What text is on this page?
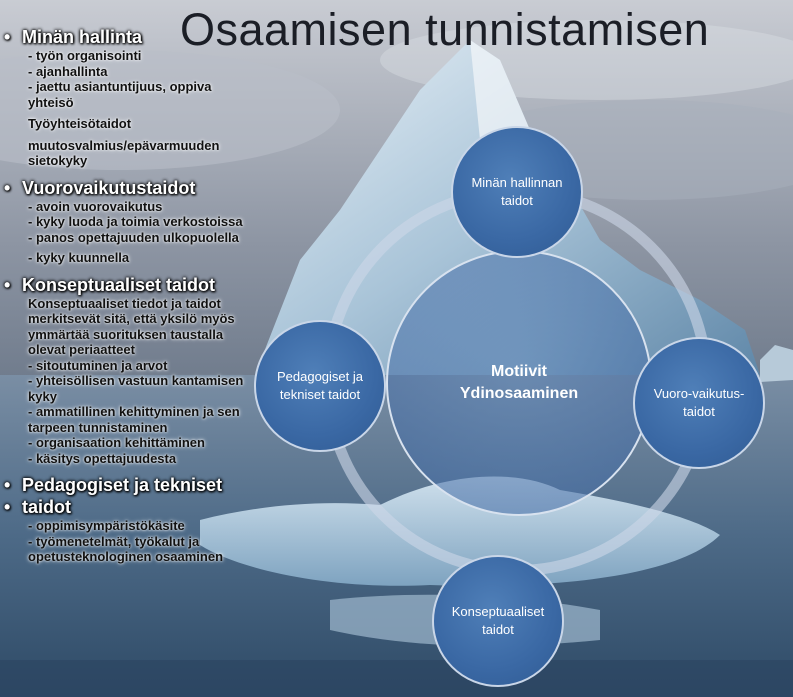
Osaamisen tunnistamisen

• Minän hallinta

- työn organisointi

- ajanhallinta

- jaettu asiantuntijuus, oppiva

yhteisö

Työyhteisötaidot

muutosvalmius/epävarmuuden

sietokyky

• Vuorovaikutustaidot

- avoin vuorovaikutus

- kyky luoda ja toimia verkostoissa

- panos opettajuuden ulkopuolella

- kyky kuunnella

• Konseptuaaliset taidot

Konseptuaaliset tiedot ja taidot

merkitsevät sitä, että yksilö myös

ymmärtää suorituksen taustalla

olevat periaatteet

- sitoutuminen ja arvot

- yhteisöllisen vastuun kantamisen

kyky

- ammatillinen kehittyminen ja sen

tarpeen tunnistaminen

- organisaation kehittäminen

- käsitys opettajuudesta

• Pedagogiset ja tekniset

• taidot

- oppimisympäristökäsite

- työmenetelmät, työkalut ja

opetusteknologinen osaaminen

Motiivit
Ydinosaaminen
Minän hallinnan
taidot
Pedagogiset ja
tekniset taidot	Vuoro-vaikutus-
taidot
Konseptuaaliset
taidot
